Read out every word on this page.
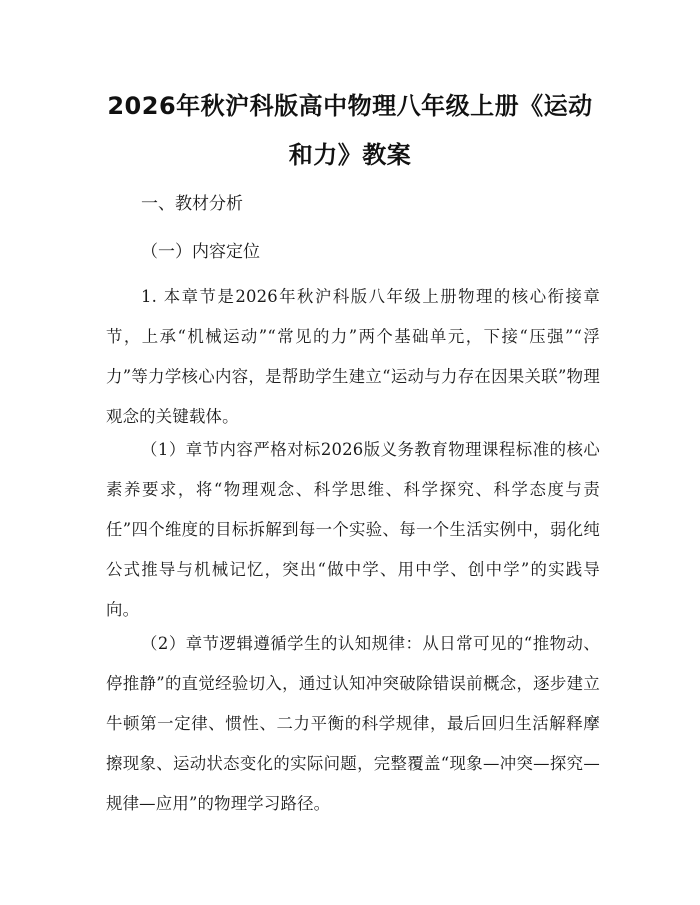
2026年秋沪科版高中物理八年级上册《运动和力》教案

一、教材分析

（一）内容定位

1. 本章节是2026年秋沪科版八年级上册物理的核心衔接章节，上承“机械运动”“常见的力”两个基础单元，下接“压强”“浮力”等力学核心内容，是帮助学生建立“运动与力存在因果关联”物理观念的关键载体。

（1）章节内容严格对标2026版义务教育物理课程标准的核心素养要求，将“物理观念、科学思维、科学探究、科学态度与责任”四个维度的目标拆解到每一个实验、每一个生活实例中，弱化纯公式推导与机械记忆，突出“做中学、用中学、创中学”的实践导向。

（2）章节逻辑遵循学生的认知规律：从日常可见的“推物动、停推静”的直觉经验切入，通过认知冲突破除错误前概念，逐步建立牛顿第一定律、惯性、二力平衡的科学规律，最后回归生活解释摩擦现象、运动状态变化的实际问题，完整覆盖“现象—冲突—探究—规律—应用”的物理学习路径。
